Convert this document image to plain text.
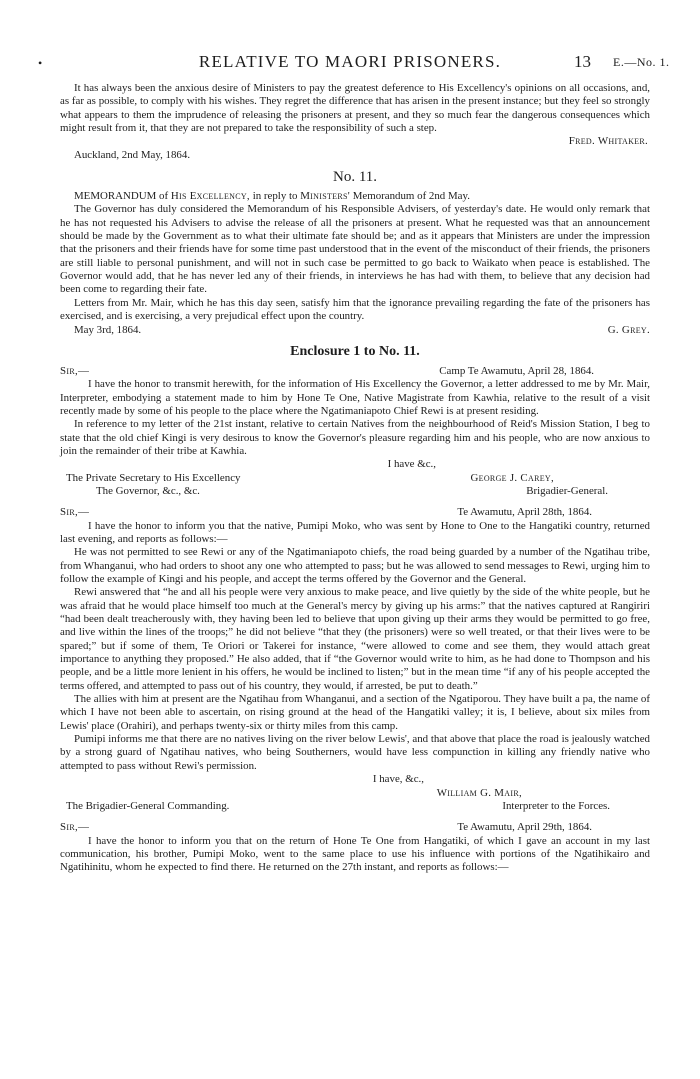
•	RELATIVE TO MAORI PRISONERS.	13 E.—No. 1.

It has always been the anxious desire of Ministers to pay the greatest deference to His Excellency's opinions on all occasions, and, as far as possible, to comply with his wishes. They regret the difference that has arisen in the present instance; but they feel so strongly what appears to them the imprudence of releasing the prisoners at present, and they so much fear the dangerous consequences which might result from it, that they are not prepared to take the responsibility of such a step.

Fred. Whitaker.

Auckland, 2nd May, 1864.

No. 11.

MEMORANDUM of His Excellency, in reply to Ministers' Memorandum of 2nd May.

The Governor has duly considered the Memorandum of his Responsible Advisers, of yesterday's date. He would only remark that he has not requested his Advisers to advise the release of all the prisoners at present. What he requested was that an announcement should be made by the Government as to what their ultimate fate should be; and as it appears that Ministers are under the impression that the prisoners and their friends have for some time past understood that in the event of the misconduct of their friends, the prisoners are still liable to personal punishment, and will not in such case be permitted to go back to Waikato when peace is established. The Governor would add, that he has never led any of their friends, in interviews he has had with them, to believe that any decision had been come to regarding their fate.

Letters from Mr. Mair, which he has this day seen, satisfy him that the ignorance prevailing regarding the fate of the prisoners has exercised, and is exercising, a very prejudical effect upon the country.

May 3rd, 1864.	G. Grey.
Enclosure 1 to No. 11.
Sir,—	Camp Te Awamutu, April 28, 1864.

I have the honor to transmit herewith, for the information of His Excellency the Governor, a letter addressed to me by Mr. Mair, Interpreter, embodying a statement made to him by Hone Te One, Native Magistrate from Kawhia, relative to the result of a visit recently made by some of his people to the place where the Ngatimaniapoto Chief Rewi is at present residing.

In reference to my letter of the 21st instant, relative to certain Natives from the neighbourhood of Reid's Mission Station, I beg to state that the old chief Kingi is very desirous to know the Governor's pleasure regarding him and his people, who are now anxious to join the remainder of their tribe at Kawhia.

I have &c.,
The Private Secretary to His Excellency	George J. Carey,
The Governor, &c., &c.	Brigadier-General.
Sir,—	Te Awamutu, April 28th, 1864.

I have the honor to inform you that the native, Pumipi Moko, who was sent by Hone to One to the Hangatiki country, returned last evening, and reports as follows:—

He was not permitted to see Rewi or any of the Ngatimaniapoto chiefs, the road being guarded by a number of the Ngatihau tribe, from Whanganui, who had orders to shoot any one who attempted to pass; but he was allowed to send messages to Rewi, urging him to follow the example of Kingi and his people, and accept the terms offered by the Governor and the General.

Rewi answered that “he and all his people were very anxious to make peace, and live quietly by the side of the white people, but he was afraid that he would place himself too much at the General's mercy by giving up his arms:” that the natives captured at Rangiriri “had been dealt treacherously with, they having been led to believe that upon giving up their arms they would be permitted to go free, and live within the lines of the troops;” he did not believe “that they (the prisoners) were so well treated, or that their lives were to be spared;” but if some of them, Te Oriori or Takerei for instance, “were allowed to come and see them, they would attach great importance to anything they proposed.” He also added, that if “the Governor would write to him, as he had done to Thompson and his people, and be a little more lenient in his offers, he would be inclined to listen;” but in the mean time “if any of his people accepted the terms offered, and attempted to pass out of his country, they would, if arrested, be put to death.”

The allies with him at present are the Ngatihau from Whanganui, and a section of the Ngatiporou. They have built a pa, the name of which I have not been able to ascertain, on rising ground at the head of the Hangatiki valley; it is, I believe, about six miles from Lewis' place (Orahiri), and perhaps twenty-six or thirty miles from this camp.

Pumipi informs me that there are no natives living on the river below Lewis', and that above that place the road is jealously watched by a strong guard of Ngatihau natives, who being Southerners, would have less compunction in killing any friendly native who attempted to pass without Rewi's permission.

I have, &c.,
William G. Mair,
The Brigadier-General Commanding.	Interpreter to the Forces.
Sir,—	Te Awamutu, April 29th, 1864.

I have the honor to inform you that on the return of Hone Te One from Hangatiki, of which I gave an account in my last communication, his brother, Pumipi Moko, went to the same place to use his influence with portions of the Ngatihikairo and Ngatihinitu, whom he expected to find there. He returned on the 27th instant, and reports as follows:—
